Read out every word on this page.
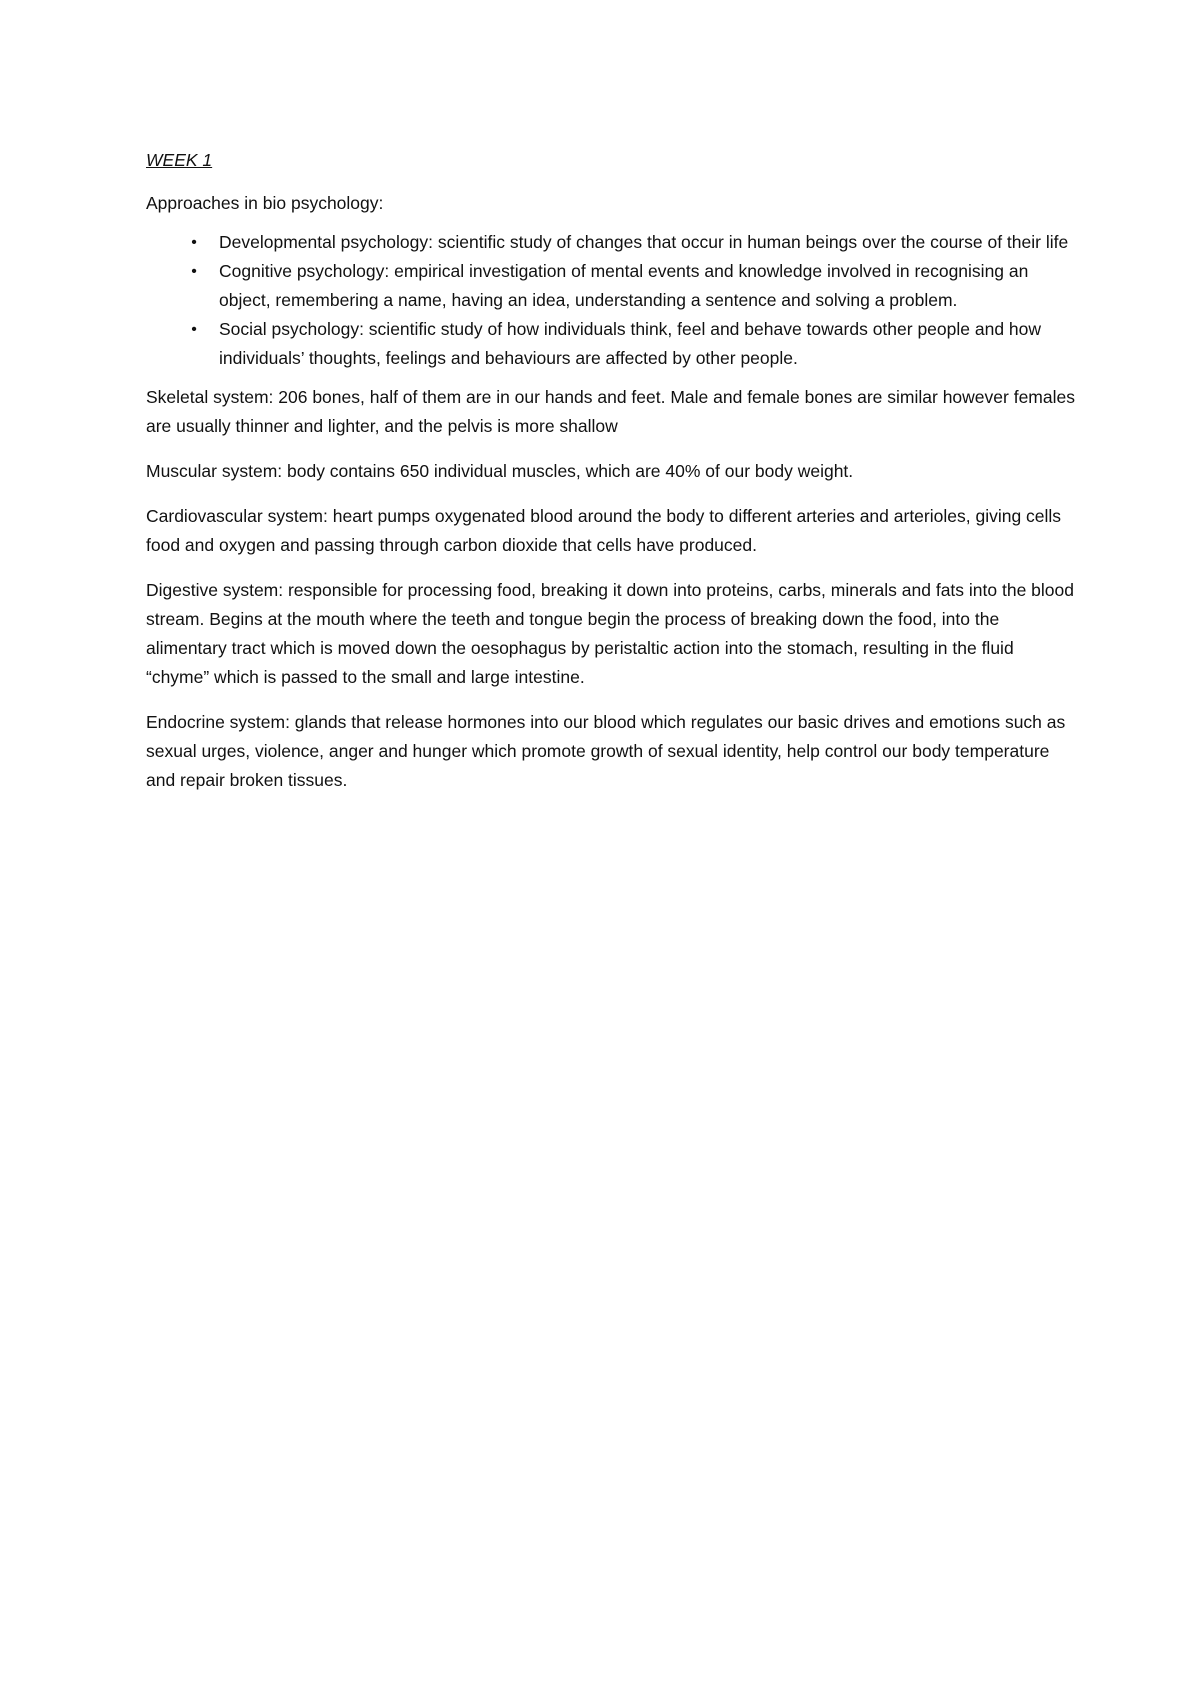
WEEK 1

Approaches in bio psychology:

•	Developmental psychology: scientific study of changes that occur in human beings over the course of their life
•	Cognitive psychology: empirical investigation of mental events and knowledge involved in recognising an object, remembering a name, having an idea, understanding a sentence and solving a problem.
•	Social psychology: scientific study of how individuals think, feel and behave towards other people and how individuals’ thoughts, feelings and behaviours are affected by other people.

Skeletal system: 206 bones, half of them are in our hands and feet. Male and female bones are similar however females are usually thinner and lighter, and the pelvis is more shallow

Muscular system: body contains 650 individual muscles, which are 40% of our body weight.

Cardiovascular system: heart pumps oxygenated blood around the body to different arteries and arterioles, giving cells food and oxygen and passing through carbon dioxide that cells have produced.

Digestive system: responsible for processing food, breaking it down into proteins, carbs, minerals and fats into the blood stream. Begins at the mouth where the teeth and tongue begin the process of breaking down the food, into the alimentary tract which is moved down the oesophagus by peristaltic action into the stomach, resulting in the fluid “chyme” which is passed to the small and large intestine.

Endocrine system: glands that release hormones into our blood which regulates our basic drives and emotions such as sexual urges, violence, anger and hunger which promote growth of sexual identity, help control our body temperature and repair broken tissues.
